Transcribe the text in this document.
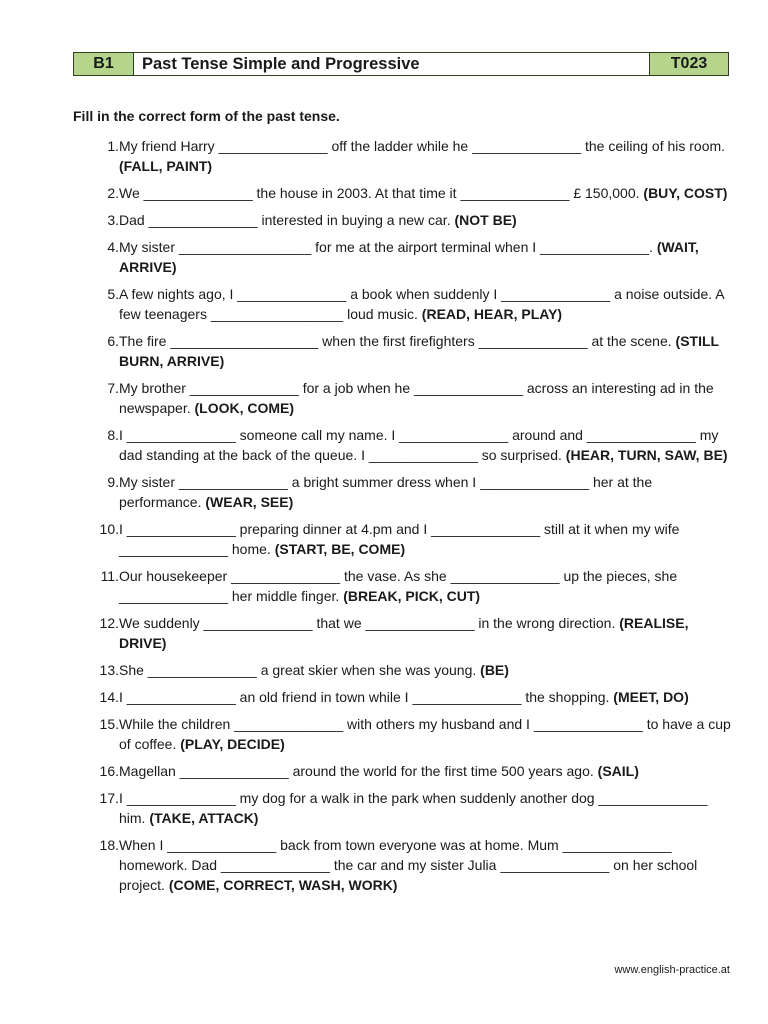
B1	Past Tense Simple and Progressive	T023
Fill in the correct form of the past tense.
1. My friend Harry ______________ off the ladder while he ______________ the ceiling of his room. (FALL, PAINT)
2. We ______________ the house in 2003. At that time it ______________ £ 150,000. (BUY, COST)
3. Dad ______________ interested in buying a new car. (NOT BE)
4. My sister _________________ for me at the airport terminal when I ______________. (WAIT, ARRIVE)
5. A few nights ago, I ______________ a book when suddenly I ______________ a noise outside. A few teenagers _________________ loud music. (READ, HEAR, PLAY)
6. The fire ___________________ when the first firefighters ______________ at the scene. (STILL BURN, ARRIVE)
7. My brother ______________ for a job when he ______________ across an interesting ad in the newspaper. (LOOK, COME)
8. I ______________ someone call my name. I ______________ around and ______________ my dad standing at the back of the queue. I ______________ so surprised. (HEAR, TURN, SAW, BE)
9. My sister ______________ a bright summer dress when I ______________ her at the performance. (WEAR, SEE)
10. I ______________ preparing dinner at 4.pm and I ______________ still at it when my wife ______________ home. (START, BE, COME)
11. Our housekeeper ______________ the vase. As she ______________ up the pieces, she ______________ her middle finger. (BREAK, PICK, CUT)
12. We suddenly ______________ that we ______________ in the wrong direction. (REALISE, DRIVE)
13. She ______________ a great skier when she was young. (BE)
14. I ______________ an old friend in town while I ______________ the shopping. (MEET, DO)
15. While the children ______________ with others my husband and I ______________ to have a cup of coffee. (PLAY, DECIDE)
16. Magellan ______________ around the world for the first time 500 years ago. (SAIL)
17. I ______________ my dog for a walk in the park when suddenly another dog ______________ him. (TAKE, ATTACK)
18. When I ______________ back from town everyone was at home. Mum ______________ homework. Dad ______________ the car and my sister Julia ______________ on her school project. (COME, CORRECT, WASH, WORK)
www.english-practice.at
